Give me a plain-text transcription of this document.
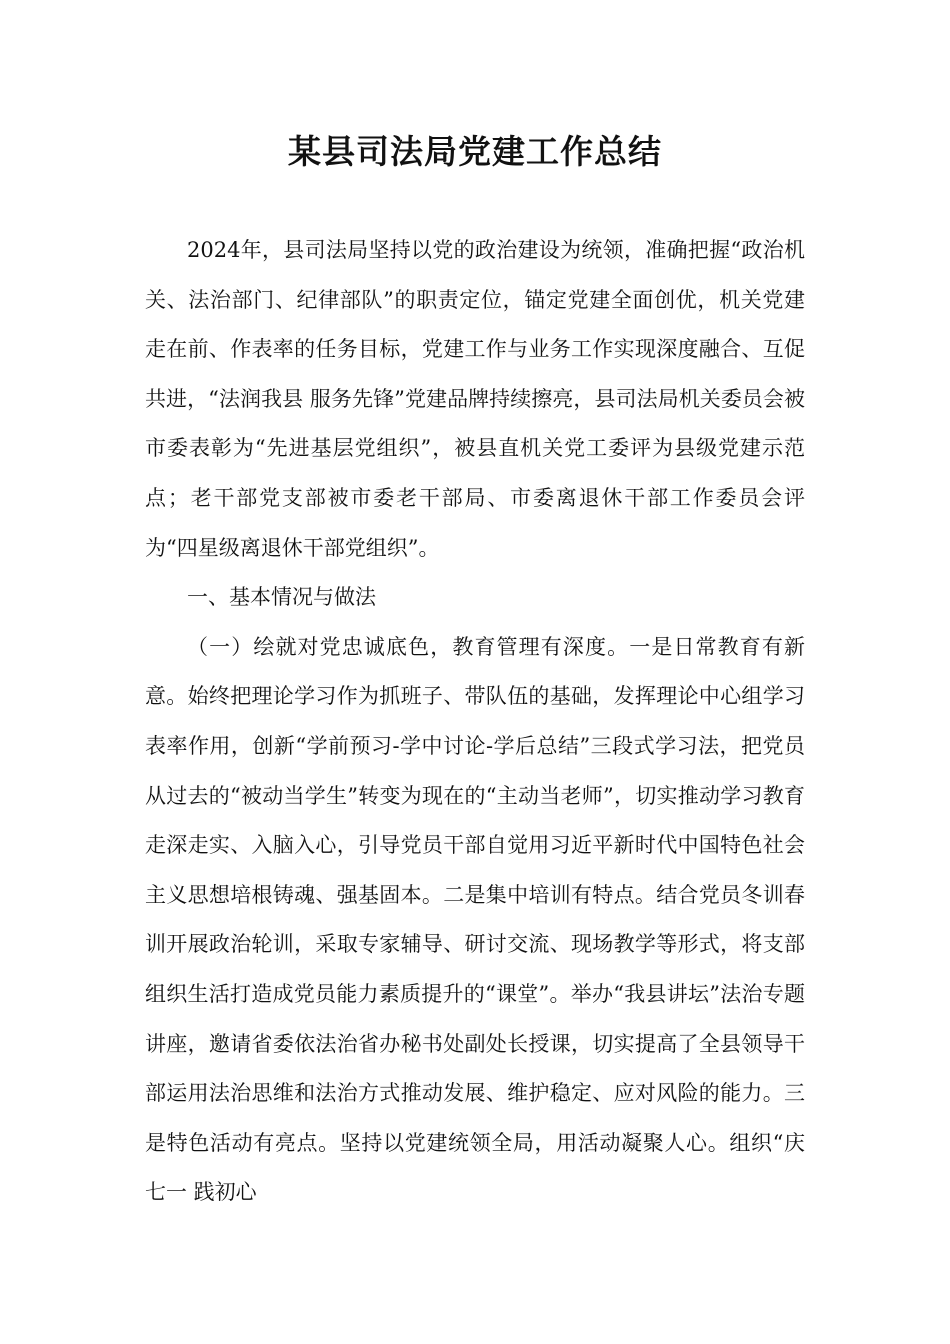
某县司法局党建工作总结

2024年，县司法局坚持以党的政治建设为统领，准确把握“政治机关、法治部门、纪律部队”的职责定位，锚定党建全面创优，机关党建走在前、作表率的任务目标，党建工作与业务工作实现深度融合、互促共进，“法润我县 服务先锋”党建品牌持续擦亮，县司法局机关委员会被市委表彰为“先进基层党组织”，被县直机关党工委评为县级党建示范点；老干部党支部被市委老干部局、市委离退休干部工作委员会评为“四星级离退休干部党组织”。

一、基本情况与做法

（一）绘就对党忠诚底色，教育管理有深度。一是日常教育有新意。始终把理论学习作为抓班子、带队伍的基础，发挥理论中心组学习表率作用，创新“学前预习-学中讨论-学后总结”三段式学习法，把党员从过去的“被动当学生”转变为现在的“主动当老师”，切实推动学习教育走深走实、入脑入心，引导党员干部自觉用习近平新时代中国特色社会主义思想培根铸魂、强基固本。二是集中培训有特点。结合党员冬训春训开展政治轮训，采取专家辅导、研讨交流、现场教学等形式，将支部组织生活打造成党员能力素质提升的“课堂”。举办“我县讲坛”法治专题讲座，邀请省委依法治省办秘书处副处长授课，切实提高了全县领导干部运用法治思维和法治方式推动发展、维护稳定、应对风险的能力。三是特色活动有亮点。坚持以党建统领全局，用活动凝聚人心。组织“庆七一 践初心
